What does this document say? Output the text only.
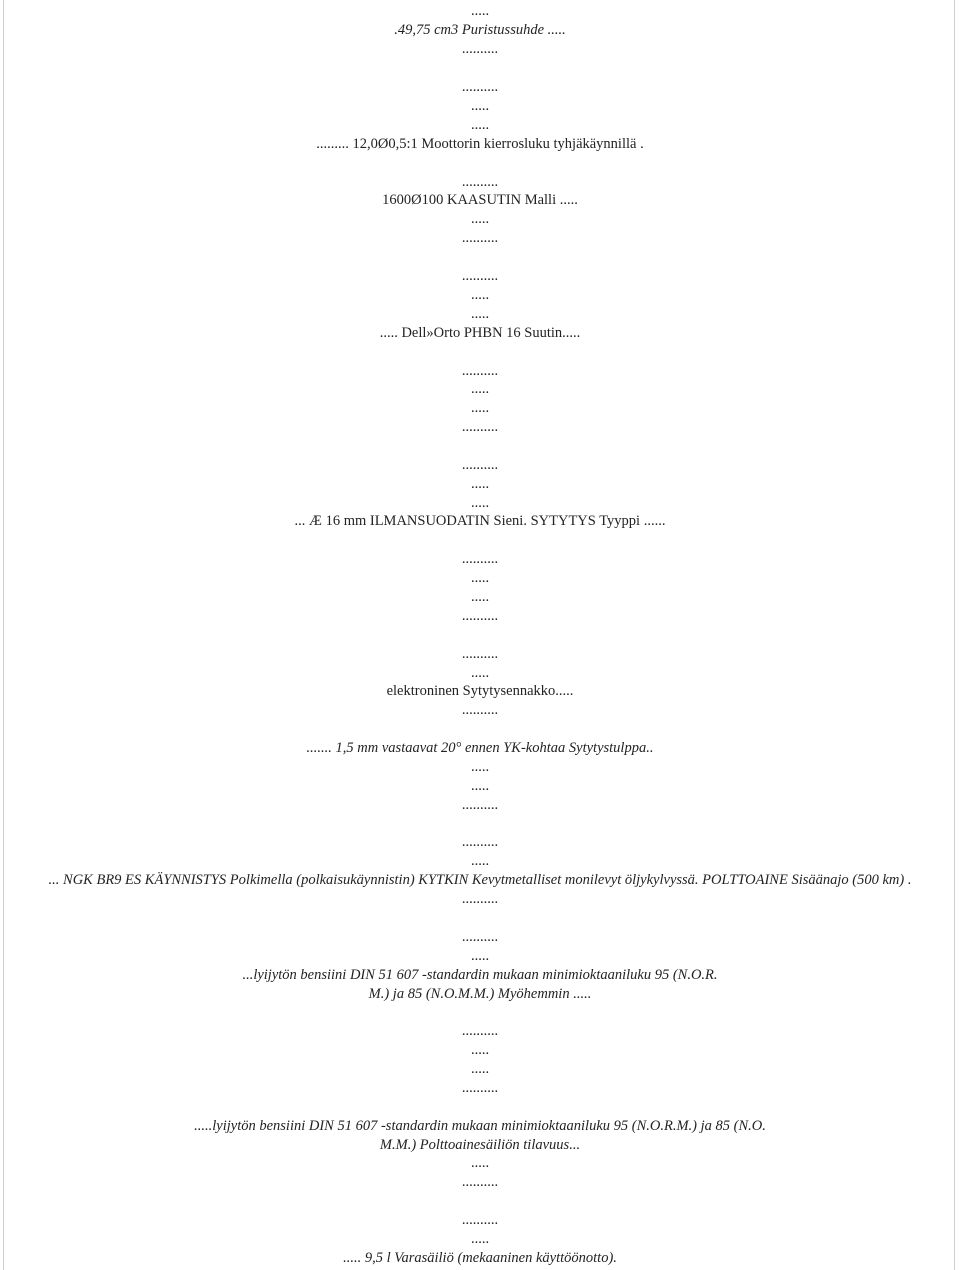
.....
.49,75 cm3 Puristussuhde .....
..........
..........
.....
.....
......... 12,0Ø0,5:1 Moottorin kierrosluku tyhjäkäynnillä .
..........
1600Ø100 KAASUTIN Malli .....
.....
..........
..........
.....
.....
..... Dell»Orto PHBN 16 Suutin.....
..........
.....
.....
..........
..........
.....
.....
... Æ 16 mm ILMANSUODATIN Sieni. SYTYTYS Tyyppi ......
..........
.....
.....
..........
..........
.....
elektroninen Sytytysennakko.....
..........
....... 1,5 mm vastaavat 20° ennen YK-kohtaa Sytytystulppa..
.....
.....
..........
..........
.....
... NGK BR9 ES KÄYNNISTYS Polkimella (polkaisukäynnistin) KYTKIN Kevytmetalliset monilevyt öljykylvyssä. POLTTOAINE Sisäänajo (500 km) .
..........
..........
.....
...lyijytön bensiini DIN 51 607 -standardin mukaan minimioktaaniluku 95 (N.O.R.
M.) ja 85 (N.O.M.M.) Myöhemmin .....
..........
.....
.....
..........
.....lyijytön bensiini DIN 51 607 -standardin mukaan minimioktaaniluku 95 (N.O.R.M.) ja 85 (N.O.
M.M.) Polttoainesäiliön tilavuus...
.....
..........
..........
.....
..... 9,5 l Varasäiliö (mekaaninen käyttöönotto).
